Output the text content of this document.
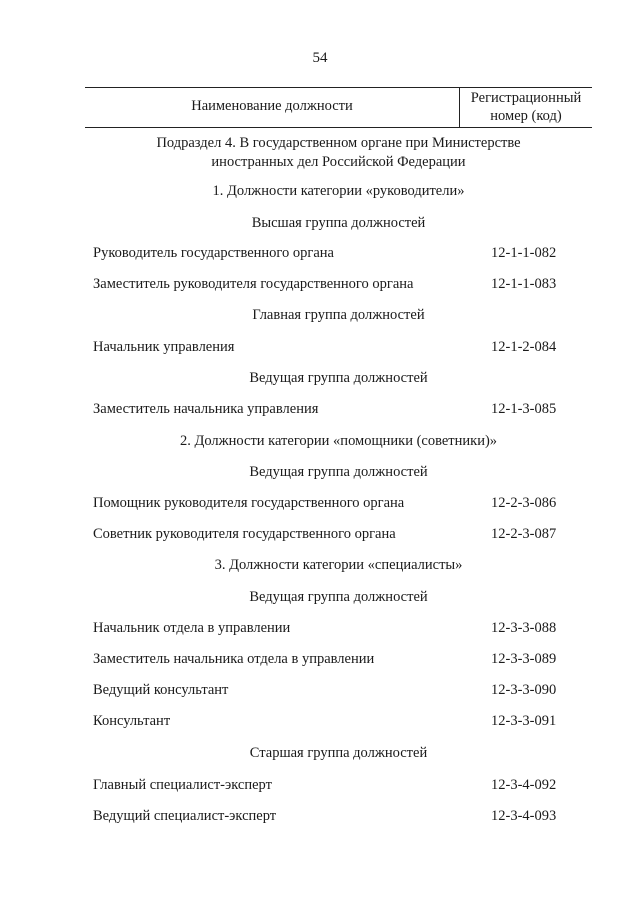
54
Наименование должности	Регистрационный
номер (код)
Подраздел 4. В государственном органе при Министерстве
иностранных дел Российской Федерации
1. Должности категории «руководители»
Высшая группа должностей
Руководитель государственного органа	12-1-1-082
Заместитель руководителя государственного органа	12-1-1-083
Главная группа должностей
Начальник управления	12-1-2-084
Ведущая группа должностей
Заместитель начальника управления	12-1-3-085
2. Должности категории «помощники (советники)»
Ведущая группа должностей
Помощник руководителя государственного органа	12-2-3-086
Советник руководителя государственного органа	12-2-3-087
3. Должности категории «специалисты»
Ведущая группа должностей
Начальник отдела в управлении	12-3-3-088
Заместитель начальника отдела в управлении	12-3-3-089
Ведущий консультант	12-3-3-090
Консультант	12-3-3-091
Старшая группа должностей
Главный специалист-эксперт	12-3-4-092
Ведущий специалист-эксперт	12-3-4-093
